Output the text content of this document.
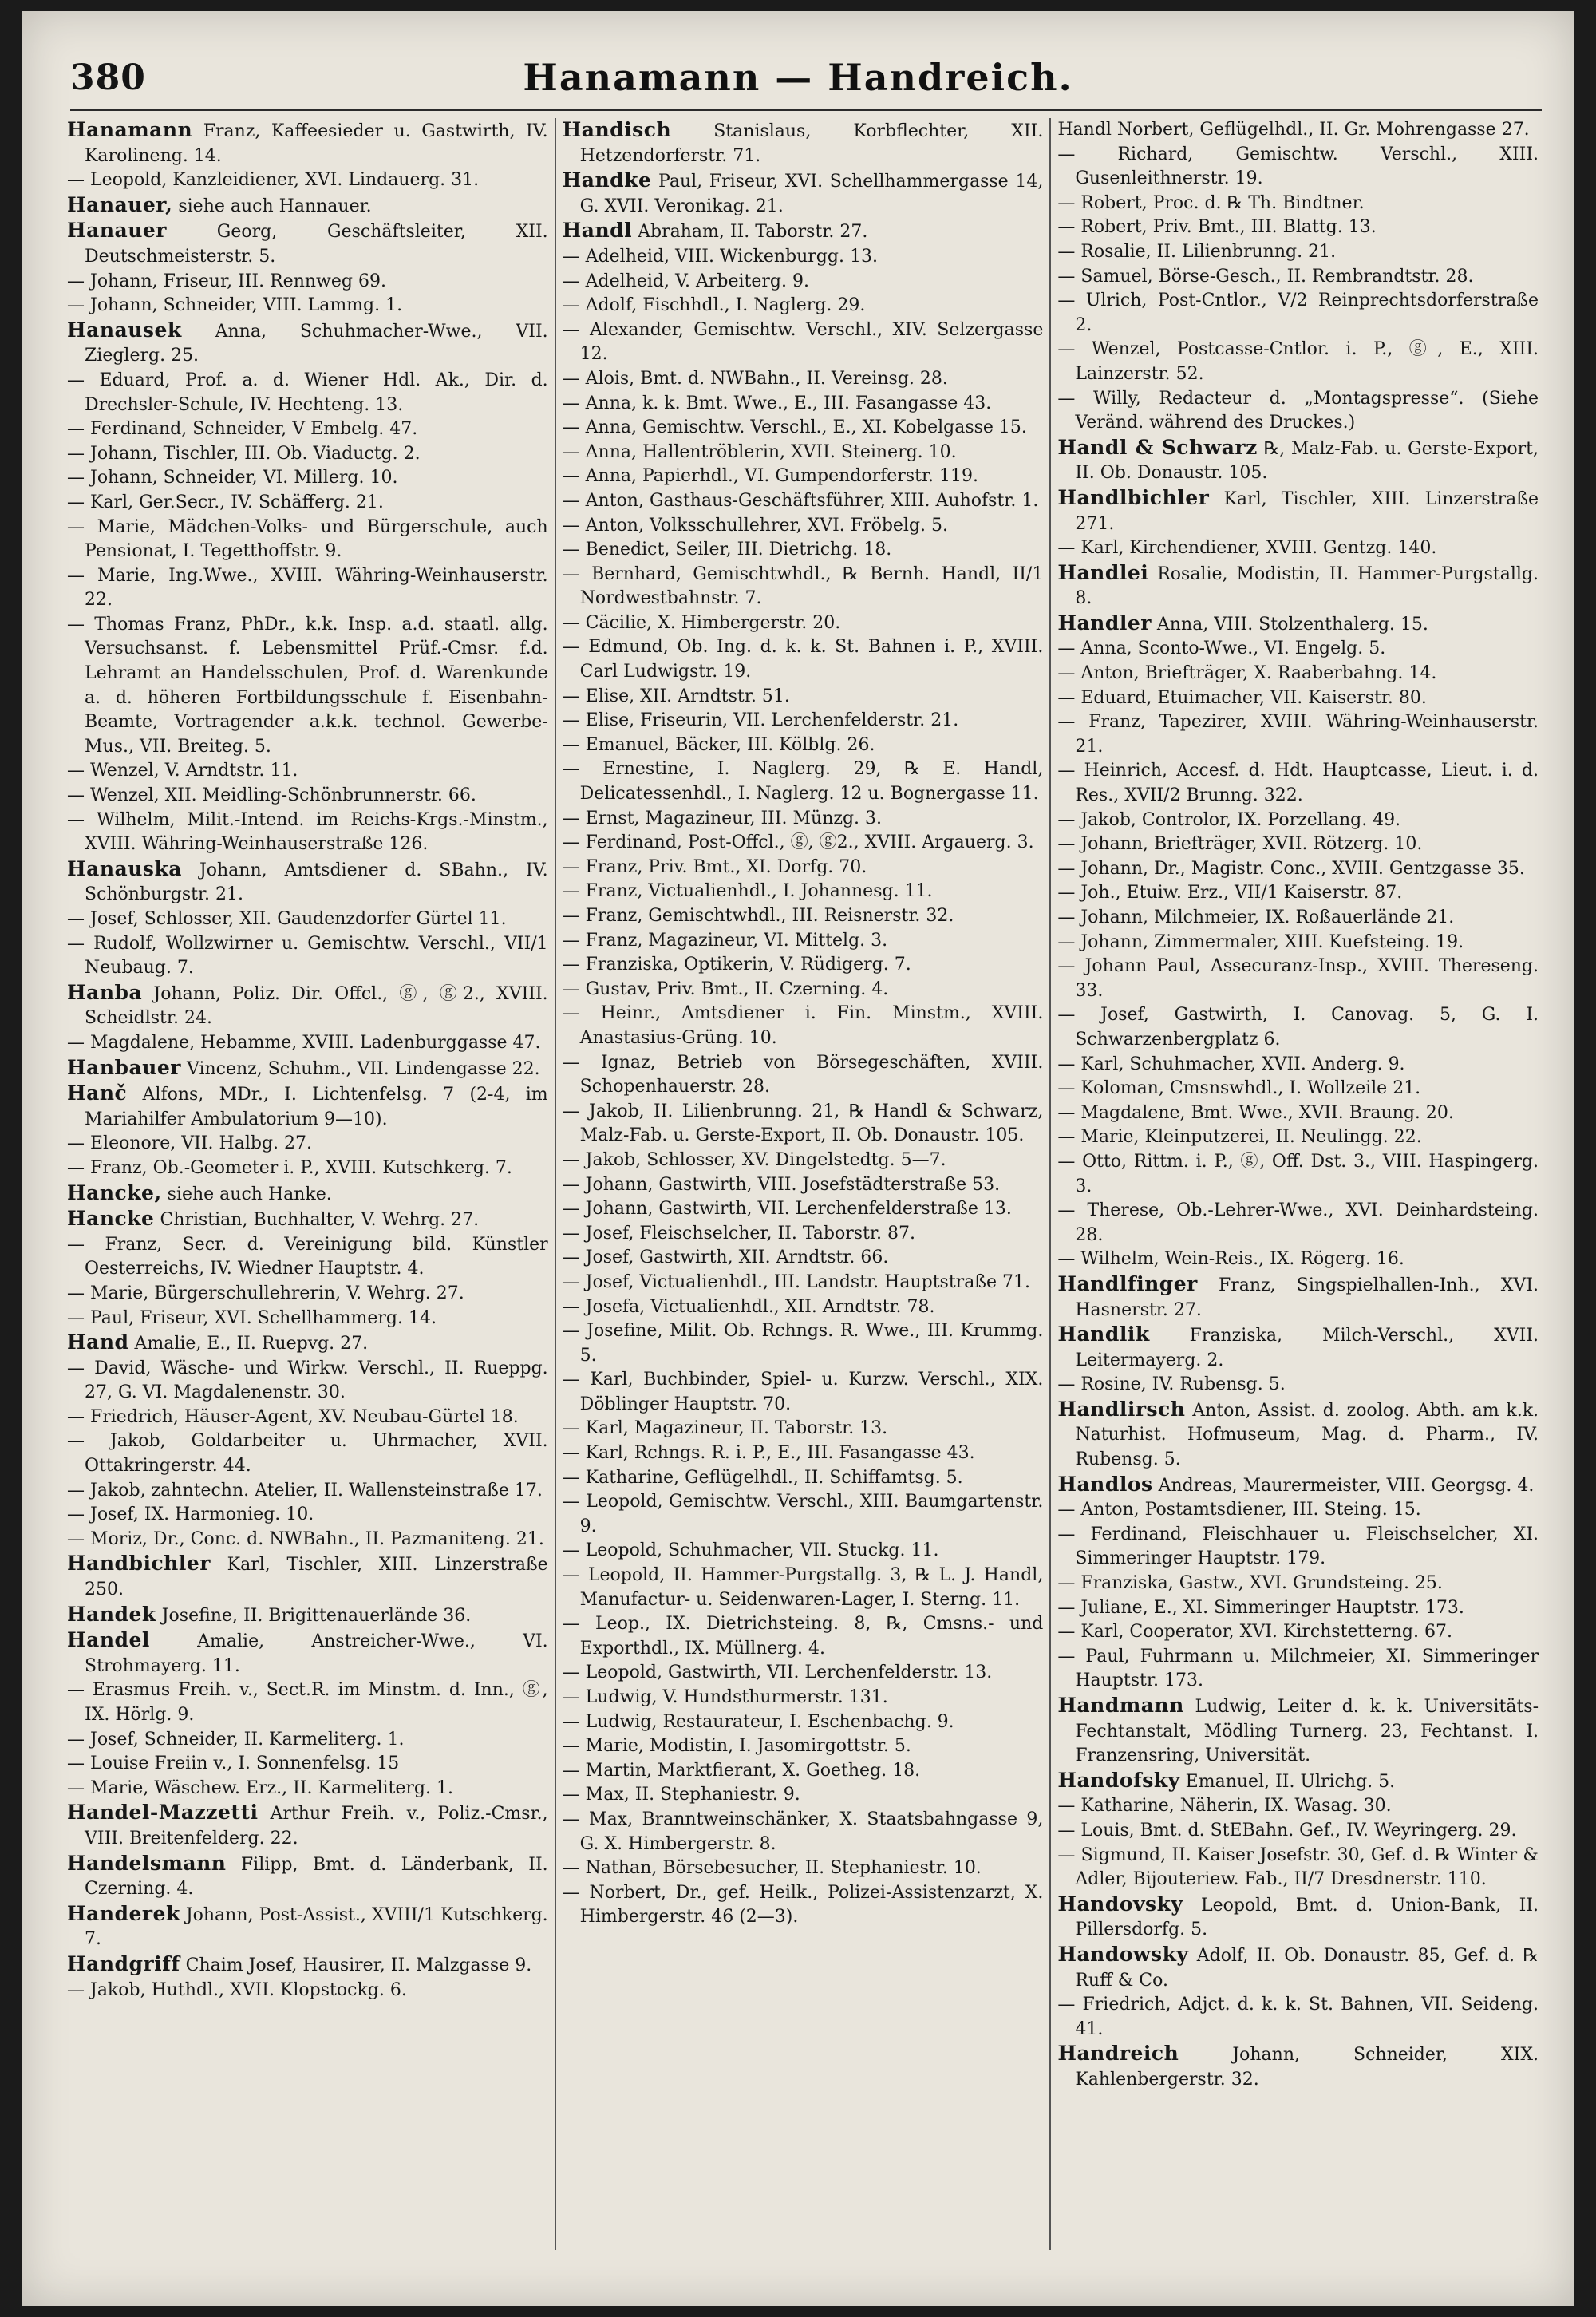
380	Hanamann — Handreich.

Hanamann Franz, Kaffeesieder u. Gastwirth, IV. Karolineng. 14.

— Leopold, Kanzleidiener, XVI. Lindauerg. 31.

Hanauer, siehe auch Hannauer.

Hanauer	Georg, Geschäftsleiter, XII. Deutschmeisterstr. 5.

— Johann, Friseur, III. Rennweg 69.

— Johann, Schneider, VIII. Lammg. 1.

Hanausek Anna, Schuhmacher-Wwe., VII. Zieglerg. 25.

— Eduard, Prof. a. d. Wiener Hdl. Ak., Dir. d. Drechsler-Schule, IV. Hechteng. 13.

— Ferdinand, Schneider, V Embelg. 47.

— Johann, Tischler, III. Ob. Viaductg. 2.

— Johann, Schneider, VI. Millerg. 10.

— Karl, Ger.Secr., IV. Schäfferg. 21.

— Marie, Mädchen-Volks- und Bürgerschule, auch Pensionat, I. Tegetthoffstr. 9.

— Marie, Ing.Wwe., XVIII. Währing-Weinhauserstr. 22.

— Thomas Franz, PhDr., k.k. Insp. a.d. staatl. allg. Versuchsanst. f. Lebensmittel Prüf.-Cmsr. f.d. Lehramt an Handelsschulen, Prof. d. Warenkunde a. d. höheren Fortbildungsschule f. Eisenbahn-Beamte, Vortragender a.k.k. technol. Gewerbe-Mus., VII. Breiteg. 5.

— Wenzel, V. Arndtstr. 11.

— Wenzel, XII. Meidling-Schönbrunnerstr. 66.

— Wilhelm, Milit.-Intend. im Reichs-Krgs.-Minstm., XVIII. Währing-Weinhauserstraße 126.

Hanauska Johann, Amtsdiener d. SBahn., IV. Schönburgstr. 21.

— Josef, Schlosser, XII. Gaudenzdorfer Gürtel 11.

— Rudolf, Wollzwirner u. Gemischtw. Verschl., VII/1 Neubaug. 7.

Hanba Johann, Poliz. Dir. Offcl., ⓖ, ⓖ2., XVIII. Scheidlstr. 24.

— Magdalene, Hebamme, XVIII. Ladenburggasse 47.

Hanbauer Vincenz, Schuhm., VII. Lindengasse 22.

Hanč Alfons, MDr., I. Lichtenfelsg. 7 (2-4, im Mariahilfer Ambulatorium 9—10).

— Eleonore, VII. Halbg. 27.

— Franz, Ob.-Geometer i. P., XVIII. Kutschkerg. 7.

Hancke, siehe auch Hanke.

Hancke Christian, Buchhalter, V. Wehrg. 27.

— Franz, Secr. d. Vereinigung bild. Künstler Oesterreichs, IV. Wiedner Hauptstr. 4.

— Marie, Bürgerschullehrerin, V. Wehrg. 27.

— Paul, Friseur, XVI. Schellhammerg. 14.

Hand Amalie, E., II. Ruepvg. 27.

— David, Wäsche- und Wirkw. Verschl., II. Rueppg. 27, G. VI. Magdalenenstr. 30.

— Friedrich, Häuser-Agent, XV. Neubau-Gürtel 18.

— Jakob, Goldarbeiter u. Uhrmacher, XVII. Ottakringerstr. 44.

— Jakob, zahntechn. Atelier, II. Wallensteinstraße 17.

— Josef, IX. Harmonieg. 10.

— Moriz, Dr., Conc. d. NWBahn., II. Pazmaniteng. 21.

Handbichler Karl, Tischler, XIII. Linzerstraße 250.

Handek Josefine, II. Brigittenauerlände 36.

Handel	Amalie, Anstreicher-Wwe., VI. Strohmayerg. 11.

— Erasmus Freih. v., Sect.R. im Minstm. d. Inn., ⓖ, IX. Hörlg. 9.

— Josef, Schneider, II. Karmeliterg. 1.

— Louise Freiin v., I. Sonnenfelsg. 15

— Marie, Wäschew. Erz., II. Karmeliterg. 1.

Handel-Mazzetti Arthur Freih. v., Poliz.-Cmsr., VIII. Breitenfelderg. 22.

Handelsmann Filipp, Bmt. d. Länderbank, II. Czerning. 4.

Handerek Johann, Post-Assist., XVIII/1 Kutschkerg. 7.

Handgriff Chaim Josef, Hausirer, II. Malzgasse 9.

— Jakob, Huthdl., XVII. Klopstockg. 6.

Handisch Stanislaus, Korbflechter, XII. Hetzendorferstr. 71.

Handke Paul, Friseur, XVI. Schellhammergasse 14, G. XVII. Veronikag. 21.

Handl Abraham, II. Taborstr. 27.

— Adelheid, VIII. Wickenburgg. 13.

— Adelheid, V. Arbeiterg. 9.

— Adolf, Fischhdl., I. Naglerg. 29.

— Alexander, Gemischtw. Verschl., XIV. Selzergasse 12.

— Alois, Bmt. d. NWBahn., II. Vereinsg. 28.

— Anna, k. k. Bmt. Wwe., E., III. Fasangasse 43.

— Anna, Gemischtw. Verschl., E., XI. Kobelgasse 15.

— Anna, Hallentröblerin, XVII. Steinerg. 10.

— Anna, Papierhdl., VI. Gumpendorferstr. 119.

— Anton, Gasthaus-Geschäftsführer, XIII. Auhofstr. 1.

— Anton, Volksschullehrer, XVI. Fröbelg. 5.

— Benedict, Seiler, III. Dietrichg. 18.

— Bernhard, Gemischtwhdl., ℞ Bernh. Handl, II/1 Nordwestbahnstr. 7.

— Cäcilie, X. Himbergerstr. 20.

— Edmund, Ob. Ing. d. k. k. St. Bahnen i. P., XVIII. Carl Ludwigstr. 19.

— Elise, XII. Arndtstr. 51.

— Elise, Friseurin, VII. Lerchenfelderstr. 21.

— Emanuel, Bäcker, III. Kölblg. 26.

— Ernestine, I. Naglerg. 29, ℞ E. Handl, Delicatessenhdl., I. Naglerg. 12 u. Bognergasse 11.

— Ernst, Magazineur, III. Münzg. 3.

— Ferdinand, Post-Offcl., ⓖ, ⓖ2., XVIII. Argauerg. 3.

— Franz, Priv. Bmt., XI. Dorfg. 70.

— Franz, Victualienhdl., I. Johannesg. 11.

— Franz, Gemischtwhdl., III. Reisnerstr. 32.

— Franz, Magazineur, VI. Mittelg. 3.

— Franziska, Optikerin, V. Rüdigerg. 7.

— Gustav, Priv. Bmt., II. Czerning. 4.

— Heinr., Amtsdiener i. Fin. Minstm., XVIII. Anastasius-Grüng. 10.

— Ignaz, Betrieb von Börsegeschäften, XVIII. Schopenhauerstr. 28.

— Jakob, II. Lilienbrunng. 21, ℞ Handl & Schwarz, Malz-Fab. u. Gerste-Export, II. Ob. Donaustr. 105.

— Jakob, Schlosser, XV. Dingelstedtg. 5—7.

— Johann, Gastwirth, VIII. Josefstädterstraße 53.

— Johann, Gastwirth, VII. Lerchenfelderstraße 13.

— Josef, Fleischselcher, II. Taborstr. 87.

— Josef, Gastwirth, XII. Arndtstr. 66.

— Josef, Victualienhdl., III. Landstr. Hauptstraße 71.

— Josefa, Victualienhdl., XII. Arndtstr. 78.

— Josefine, Milit. Ob. Rchngs. R. Wwe., III. Krummg. 5.

— Karl, Buchbinder, Spiel- u. Kurzw. Verschl., XIX. Döblinger Hauptstr. 70.

— Karl, Magazineur, II. Taborstr. 13.

— Karl, Rchngs. R. i. P., E., III. Fasangasse 43.

— Katharine, Geflügelhdl., II. Schiffamtsg. 5.

— Leopold, Gemischtw. Verschl., XIII. Baumgartenstr. 9.

— Leopold, Schuhmacher, VII. Stuckg. 11.

— Leopold, II. Hammer-Purgstallg. 3, ℞ L. J. Handl, Manufactur- u. Seidenwaren-Lager, I. Sterng. 11.

— Leop., IX. Dietrichsteing. 8, ℞, Cmsns.- und Exporthdl., IX. Müllnerg. 4.

— Leopold, Gastwirth, VII. Lerchenfelderstr. 13.

— Ludwig, V. Hundsthurmerstr. 131.

— Ludwig, Restaurateur, I. Eschenbachg. 9.

— Marie, Modistin, I. Jasomirgottstr. 5.

— Martin, Marktfierant, X. Goetheg. 18.

— Max, II. Stephaniestr. 9.

— Max, Branntweinschänker, X. Staatsbahngasse 9, G. X. Himbergerstr. 8.

— Nathan, Börsebesucher, II. Stephaniestr. 10.

— Norbert, Dr., gef. Heilk., Polizei-Assistenzarzt, X. Himbergerstr. 46 (2—3).

Handl Norbert, Geflügelhdl., II. Gr. Mohrengasse 27.

— Richard, Gemischtw. Verschl., XIII. Gusenleithnerstr. 19.

— Robert, Proc. d. ℞ Th. Bindtner.

— Robert, Priv. Bmt., III. Blattg. 13.

— Rosalie, II. Lilienbrunng. 21.

— Samuel, Börse-Gesch., II. Rembrandtstr. 28.

— Ulrich, Post-Cntlor., V/2 Reinprechtsdorferstraße 2.

— Wenzel, Postcasse-Cntlor. i. P., ⓖ, E., XIII. Lainzerstr. 52.

— Willy, Redacteur d. „Montagspresse“. (Siehe Veränd. während des Druckes.)

Handl & Schwarz ℞, Malz-Fab. u. Gerste-Export, II. Ob. Donaustr. 105.

Handlbichler Karl, Tischler, XIII. Linzerstraße 271.

— Karl, Kirchendiener, XVIII. Gentzg. 140.

Handlei Rosalie, Modistin, II. Hammer-Purgstallg. 8.

Handler Anna, VIII. Stolzenthalerg. 15.

— Anna, Sconto-Wwe., VI. Engelg. 5.

— Anton, Briefträger, X. Raaberbahng. 14.

— Eduard, Etuimacher, VII. Kaiserstr. 80.

— Franz, Tapezirer, XVIII. Währing-Weinhauserstr. 21.

— Heinrich, Accesf. d. Hdt. Hauptcasse, Lieut. i. d. Res., XVII/2 Brunng. 322.

— Jakob, Controlor, IX. Porzellang. 49.

— Johann, Briefträger, XVII. Rötzerg. 10.

— Johann, Dr., Magistr. Conc., XVIII. Gentzgasse 35.

— Joh., Etuiw. Erz., VII/1 Kaiserstr. 87.

— Johann, Milchmeier, IX. Roßauerlände 21.

— Johann, Zimmermaler, XIII. Kuefsteing. 19.

— Johann Paul, Assecuranz-Insp., XVIII. Thereseng. 33.

— Josef, Gastwirth, I. Canovag. 5, G. I. Schwarzenbergplatz 6.

— Karl, Schuhmacher, XVII. Anderg. 9.

— Koloman, Cmsnswhdl., I. Wollzeile 21.

— Magdalene, Bmt. Wwe., XVII. Braung. 20.

— Marie, Kleinputzerei, II. Neulingg. 22.

— Otto, Rittm. i. P., ⓖ, Off. Dst. 3., VIII. Haspingerg. 3.

— Therese, Ob.-Lehrer-Wwe., XVI. Deinhardsteing. 28.

— Wilhelm, Wein-Reis., IX. Rögerg. 16.

Handlfinger Franz, Singspielhallen-Inh., XVI. Hasnerstr. 27.

Handlik Franziska, Milch-Verschl., XVII. Leitermayerg. 2.

— Rosine, IV. Rubensg. 5.

Handlirsch Anton, Assist. d. zoolog. Abth. am k.k. Naturhist. Hofmuseum, Mag. d. Pharm., IV. Rubensg. 5.

Handlos Andreas, Maurermeister, VIII. Georgsg. 4.

— Anton, Postamtsdiener, III. Steing. 15.

— Ferdinand, Fleischhauer u. Fleischselcher, XI. Simmeringer Hauptstr. 179.

— Franziska, Gastw., XVI. Grundsteing. 25.

— Juliane, E., XI. Simmeringer Hauptstr. 173.

— Karl, Cooperator, XVI. Kirchstetterng. 67.

— Paul, Fuhrmann u. Milchmeier, XI. Simmeringer Hauptstr. 173.

Handmann Ludwig, Leiter d. k. k. Universitäts-Fechtanstalt, Mödling Turnerg. 23, Fechtanst. I. Franzensring, Universität.

Handofsky Emanuel, II. Ulrichg. 5.

— Katharine, Näherin, IX. Wasag. 30.

— Louis, Bmt. d. StEBahn. Gef., IV. Weyringerg. 29.

— Sigmund, II. Kaiser Josefstr. 30, Gef. d. ℞ Winter & Adler, Bijouteriew. Fab., II/7 Dresdnerstr. 110.

Handovsky Leopold, Bmt. d. Union-Bank, II. Pillersdorfg. 5.

Handowsky Adolf, II. Ob. Donaustr. 85, Gef. d. ℞ Ruff & Co.

— Friedrich, Adjct. d. k. k. St. Bahnen, VII. Seideng. 41.

Handreich	Johann, Schneider, XIX. Kahlenbergerstr. 32.
